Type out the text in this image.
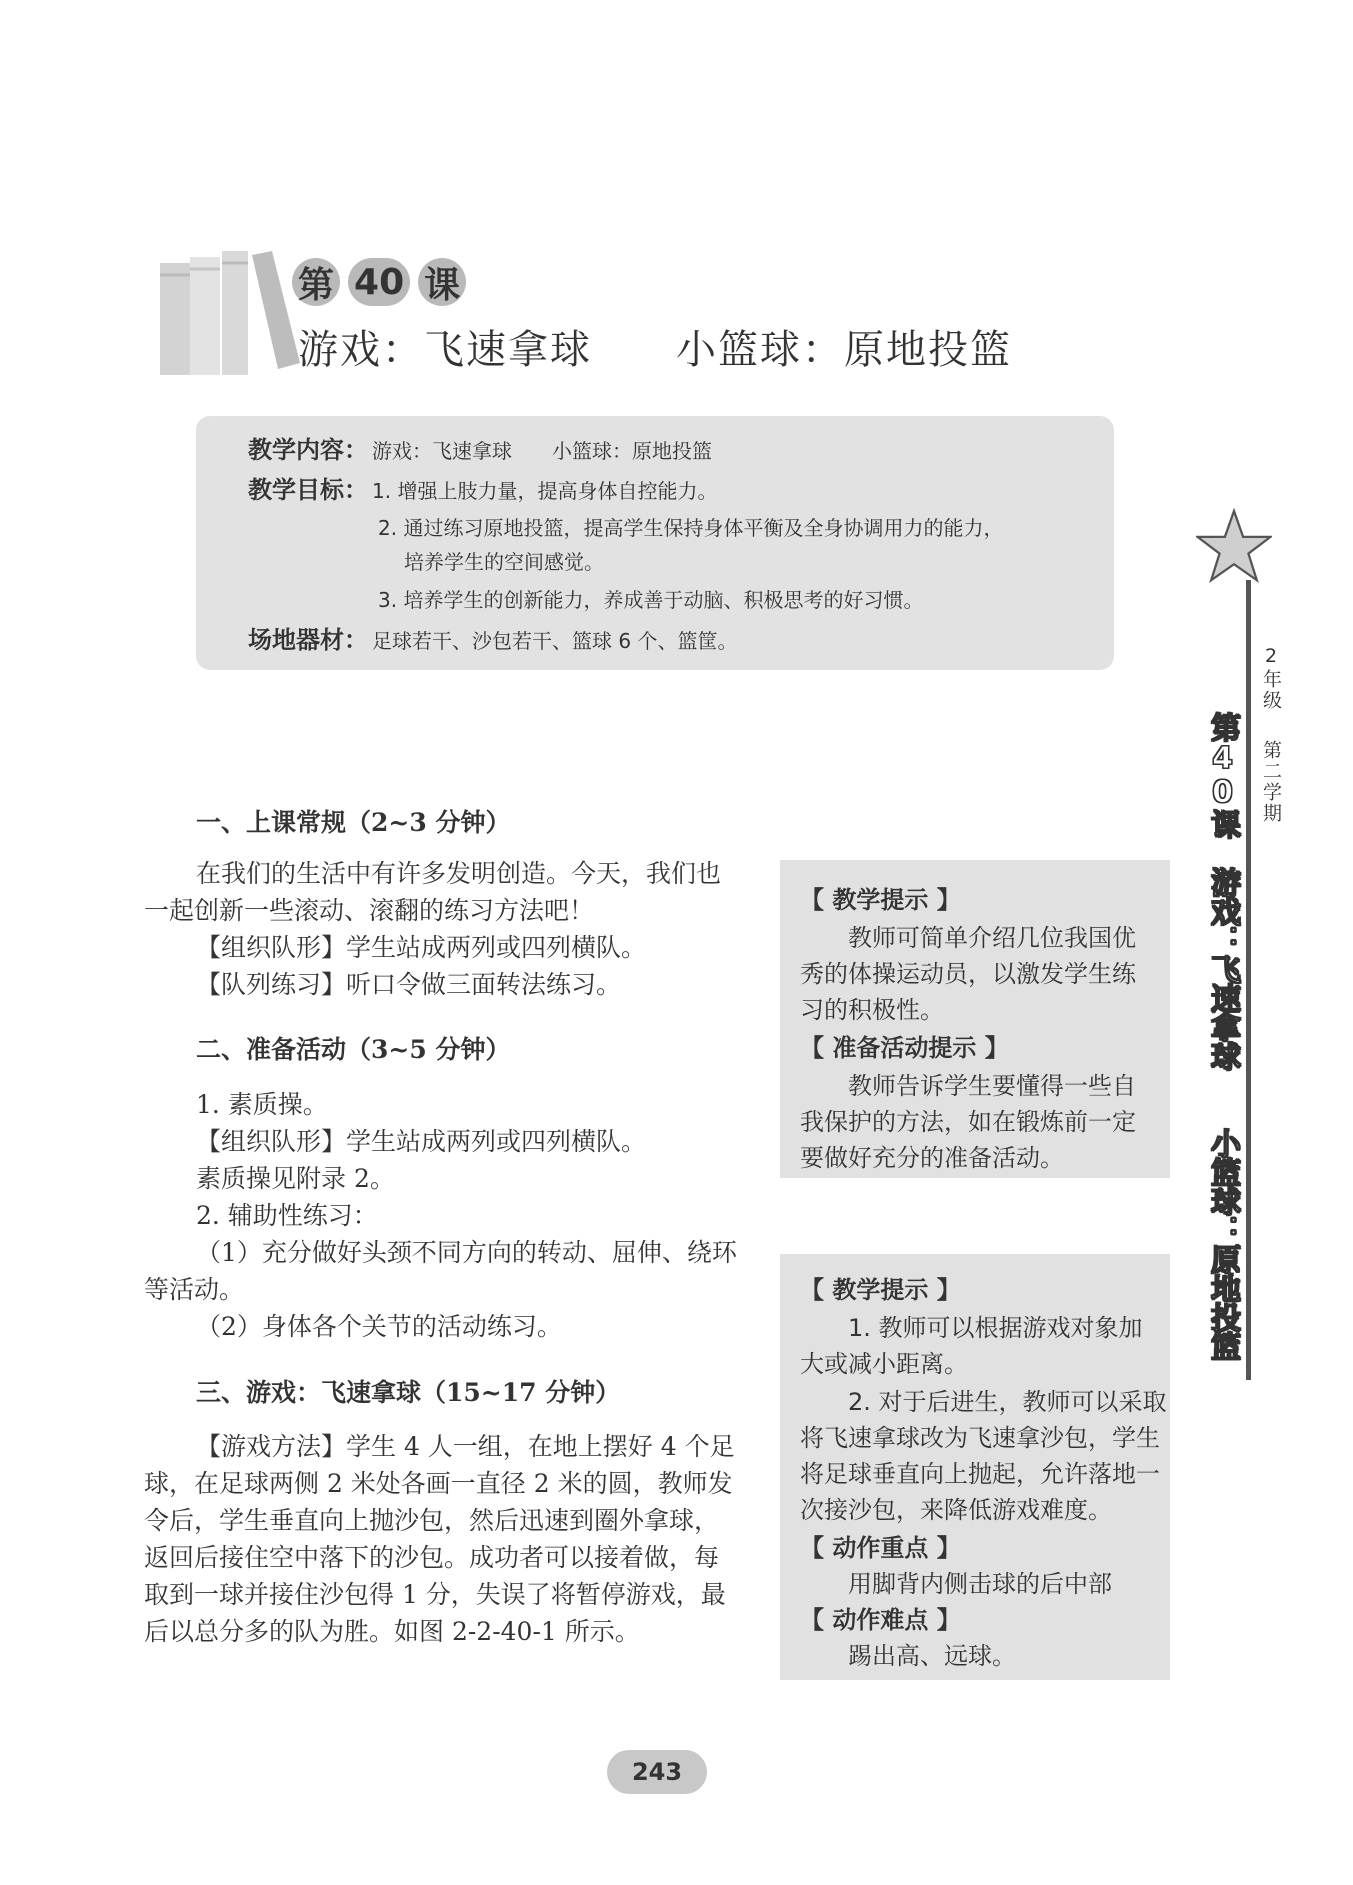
第 40 课
游戏：飞速拿球　　小篮球：原地投篮
教学内容： 游戏：飞速拿球　　小篮球：原地投篮
教学目标： 1. 增强上肢力量，提高身体自控能力。
2. 通过练习原地投篮，提高学生保持身体平衡及全身协调用力的能力，
培养学生的空间感觉。
3. 培养学生的创新能力，养成善于动脑、积极思考的好习惯。
场地器材： 足球若干、沙包若干、篮球 6 个、篮筐。
2年级
第二学期
第40课　游戏：飞速拿球
小篮球：原地投篮
一、上课常规（2~3 分钟）
在我们的生活中有许多发明创造。今天，我们也
一起创新一些滚动、滚翻的练习方法吧！
【组织队形】学生站成两列或四列横队。
【队列练习】听口令做三面转法练习。
二、准备活动（3~5 分钟）
1. 素质操。
【组织队形】学生站成两列或四列横队。
素质操见附录 2。
2. 辅助性练习：
（1）充分做好头颈不同方向的转动、屈伸、绕环
等活动。
（2）身体各个关节的活动练习。
三、游戏：飞速拿球（15~17 分钟）
【游戏方法】学生 4 人一组，在地上摆好 4 个足
球，在足球两侧 2 米处各画一直径 2 米的圆，教师发
令后，学生垂直向上抛沙包，然后迅速到圈外拿球，
返回后接住空中落下的沙包。成功者可以接着做，每
取到一球并接住沙包得 1 分，失误了将暂停游戏，最
后以总分多的队为胜。如图 2-2-40-1 所示。
【 教学提示 】
教师可简单介绍几位我国优
秀的体操运动员，以激发学生练
习的积极性。
【 准备活动提示 】
教师告诉学生要懂得一些自
我保护的方法，如在锻炼前一定
要做好充分的准备活动。
【 教学提示 】
1. 教师可以根据游戏对象加
大或减小距离。
2. 对于后进生，教师可以采取
将飞速拿球改为飞速拿沙包，学生
将足球垂直向上抛起，允许落地一
次接沙包，来降低游戏难度。
【 动作重点 】
用脚背内侧击球的后中部
【 动作难点 】
踢出高、远球。
243
